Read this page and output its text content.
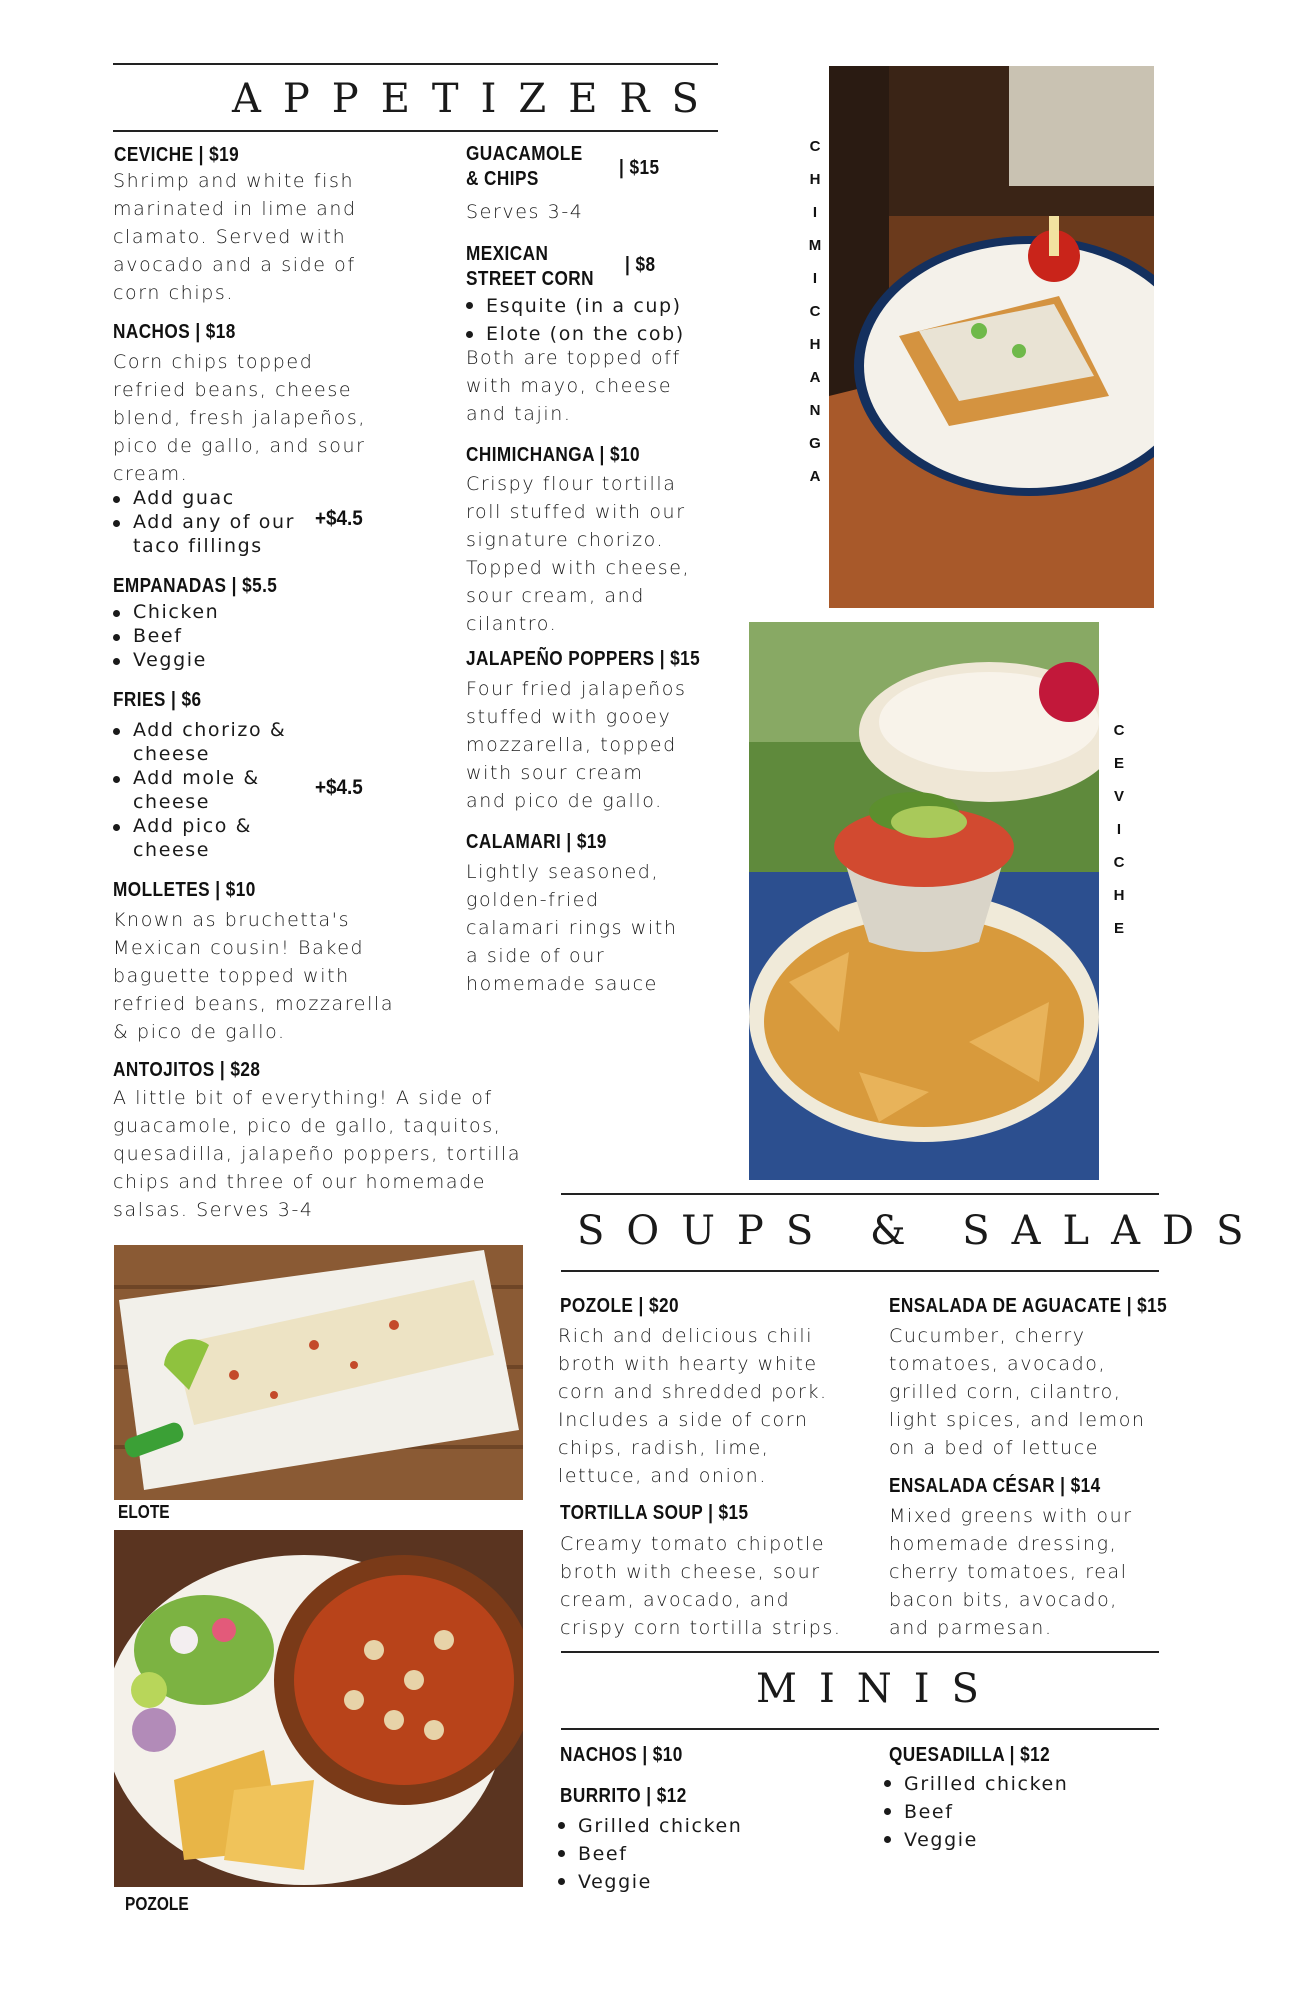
APPETIZERS
CEVICHE | $19
Shrimp and white fish
marinated in lime and
clamato. Served with
avocado and a side of
corn chips.
NACHOS | $18
Corn chips topped
refried beans, cheese
blend, fresh jalapeños,
pico de gallo, and sour
cream.
Add guac
Add any of our
taco fillings
+$4.5
EMPANADAS | $5.5
Chicken
Beef
Veggie
FRIES | $6
Add chorizo &
cheese
Add mole &
cheese
Add pico &
cheese
+$4.5
MOLLETES | $10
Known as bruchetta's
Mexican cousin! Baked
baguette topped with
refried beans, mozzarella
& pico de gallo.
ANTOJITOS | $28
A little bit of everything! A side of
guacamole, pico de gallo, taquitos,
quesadilla, jalapeño poppers, tortilla
chips and three of our homemade
salsas. Serves 3-4
GUACAMOLE
& CHIPS	| $15
Serves 3-4
MEXICAN
STREET CORN
| $8
Esquite (in a cup)
Elote (on the cob)
Both are topped off
with mayo, cheese
and tajin.
CHIMICHANGA | $10
Crispy flour tortilla
roll stuffed with our
signature chorizo.
Topped with cheese,
sour cream, and
cilantro.
JALAPEÑO POPPERS | $15
Four fried jalapeños
stuffed with gooey
mozzarella, topped
with sour cream
and pico de gallo.
CALAMARI | $19
Lightly seasoned,
golden-fried
calamari rings with
a side of our
homemade sauce
C
H
I
M
I
C
H
A
N
G
A
C
E
V
I
C
H
E
SOUPS & SALADS
POZOLE | $20
Rich and delicious chili
broth with hearty white
corn and shredded pork.
Includes a side of corn
chips, radish, lime,
lettuce, and onion.
TORTILLA SOUP | $15
Creamy tomato chipotle
broth with cheese, sour
cream, avocado, and
crispy corn tortilla strips.
ENSALADA DE AGUACATE | $15
Cucumber, cherry
tomatoes, avocado,
grilled corn, cilantro,
light spices, and lemon
on a bed of lettuce
ENSALADA CÉSAR | $14
Mixed greens with our
homemade dressing,
cherry tomatoes, real
bacon bits, avocado,
and parmesan.
MINIS
NACHOS | $10
BURRITO | $12
Grilled chicken
Beef
Veggie
QUESADILLA | $12
Grilled chicken
Beef
Veggie
ELOTE
POZOLE
